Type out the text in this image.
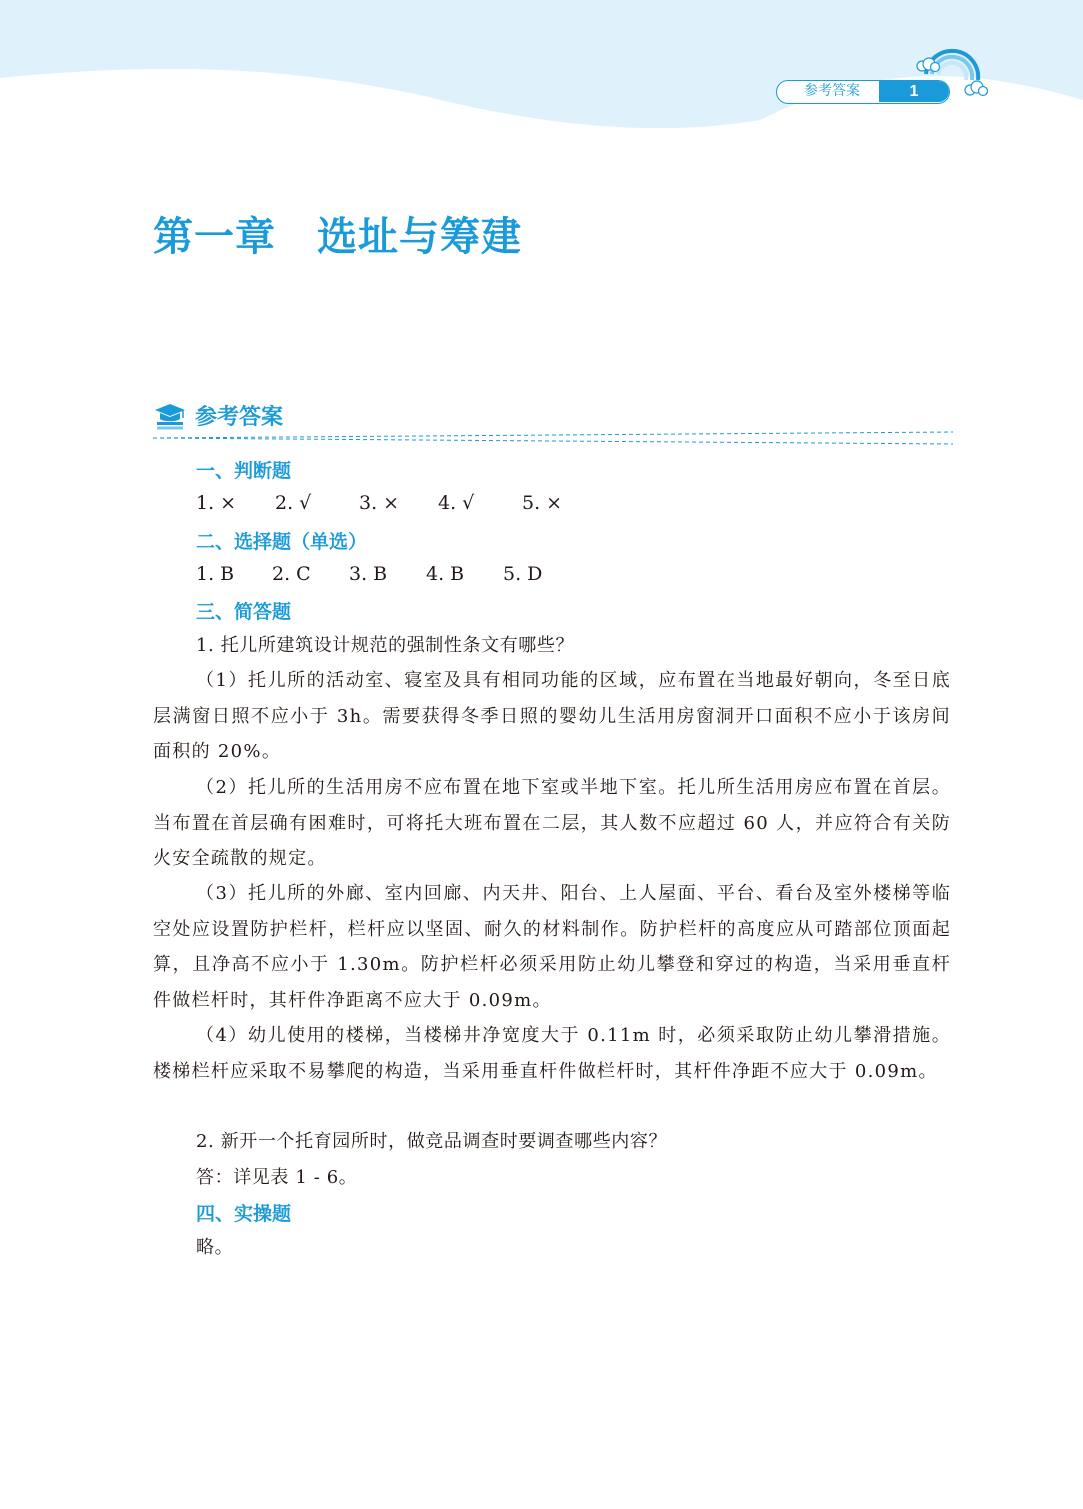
参考答案	1
第一章　选址与筹建
参考答案
一、判断题
1. × 2. √	3. × 4. √	5. ×
二、选择题（单选）
1. B 2. C 3. B 4. B 5. D
三、简答题

1. 托儿所建筑设计规范的强制性条文有哪些？

（1）托儿所的活动室、寝室及具有相同功能的区域，应布置在当地最好朝向，冬至日底层满窗日照不应小于 3h。需要获得冬季日照的婴幼儿生活用房窗洞开口面积不应小于该房间面积的 20%。

（2）托儿所的生活用房不应布置在地下室或半地下室。托儿所生活用房应布置在首层。当布置在首层确有困难时，可将托大班布置在二层，其人数不应超过 60 人，并应符合有关防火安全疏散的规定。

（3）托儿所的外廊、室内回廊、内天井、阳台、上人屋面、平台、看台及室外楼梯等临空处应设置防护栏杆，栏杆应以坚固、耐久的材料制作。防护栏杆的高度应从可踏部位顶面起算，且净高不应小于 1.30m。防护栏杆必须采用防止幼儿攀登和穿过的构造，当采用垂直杆件做栏杆时，其杆件净距离不应大于 0.09m。

（4）幼儿使用的楼梯，当楼梯井净宽度大于 0.11m 时，必须采取防止幼儿攀滑措施。楼梯栏杆应采取不易攀爬的构造，当采用垂直杆件做栏杆时，其杆件净距不应大于 0.09m。

2. 新开一个托育园所时，做竞品调查时要调查哪些内容？

答：详见表 1 - 6。

四、实操题

略。
